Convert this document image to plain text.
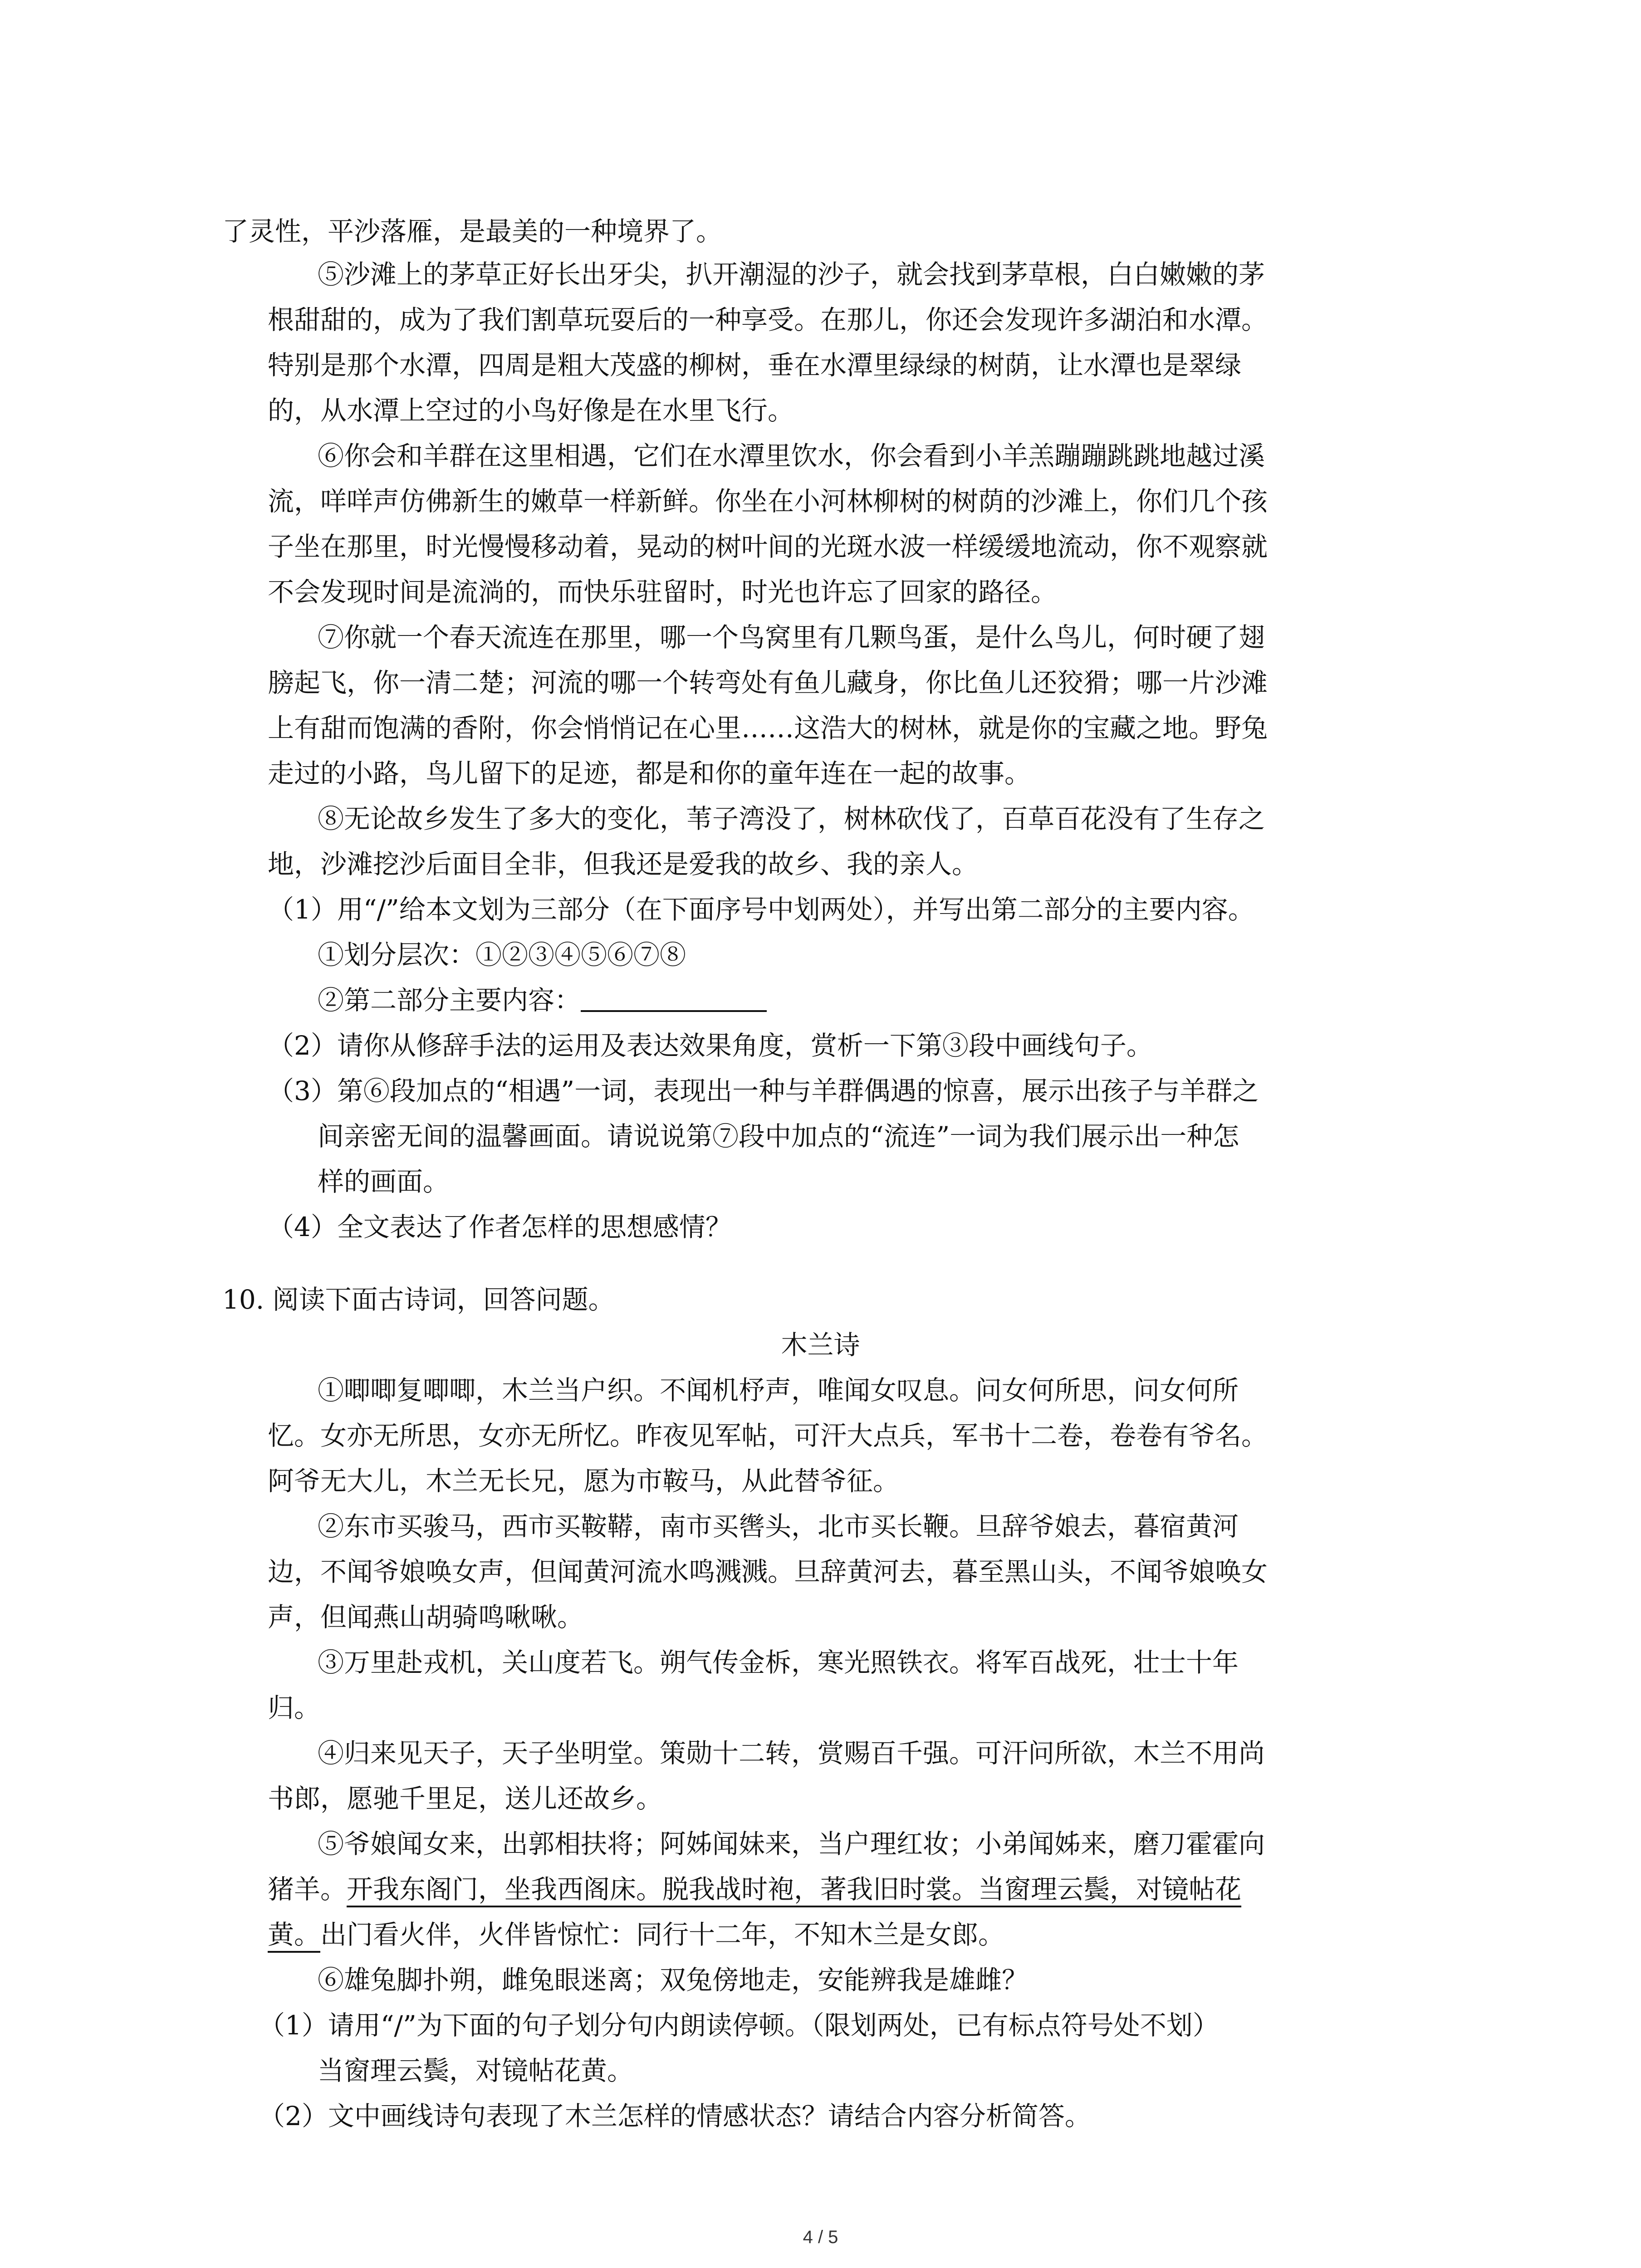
了灵性，平沙落雁，是最美的一种境界了。
⑤沙滩上的茅草正好长出牙尖，扒开潮湿的沙子，就会找到茅草根，白白嫩嫩的茅
根甜甜的，成为了我们割草玩耍后的一种享受。在那儿，你还会发现许多湖泊和水潭。
特别是那个水潭，四周是粗大茂盛的柳树，垂在水潭里绿绿的树荫，让水潭也是翠绿
的，从水潭上空过的小鸟好像是在水里飞行。
⑥你会和羊群在这里相遇，它们在水潭里饮水，你会看到小羊羔蹦蹦跳跳地越过溪
流，咩咩声仿佛新生的嫩草一样新鲜。你坐在小河林柳树的树荫的沙滩上，你们几个孩
子坐在那里，时光慢慢移动着，晃动的树叶间的光斑水波一样缓缓地流动，你不观察就
不会发现时间是流淌的，而快乐驻留时，时光也许忘了回家的路径。
⑦你就一个春天流连在那里，哪一个鸟窝里有几颗鸟蛋，是什么鸟儿，何时硬了翅
膀起飞，你一清二楚；河流的哪一个转弯处有鱼儿藏身，你比鱼儿还狡猾；哪一片沙滩
上有甜而饱满的香附，你会悄悄记在心里……这浩大的树林，就是你的宝藏之地。野兔
走过的小路，鸟儿留下的足迹，都是和你的童年连在一起的故事。
⑧无论故乡发生了多大的变化，苇子湾没了，树林砍伐了，百草百花没有了生存之
地，沙滩挖沙后面目全非，但我还是爱我的故乡、我的亲人。
（1）用“/”给本文划为三部分（在下面序号中划两处），并写出第二部分的主要内容。
①划分层次：①②③④⑤⑥⑦⑧
②第二部分主要内容：
（2）请你从修辞手法的运用及表达效果角度，赏析一下第③段中画线句子。
（3）第⑥段加点的“相遇”一词，表现出一种与羊群偶遇的惊喜，展示出孩子与羊群之
间亲密无间的温馨画面。请说说第⑦段中加点的“流连”一词为我们展示出一种怎
样的画面。
（4）全文表达了作者怎样的思想感情？
10. 阅读下面古诗词，回答问题。
木兰诗
①唧唧复唧唧，木兰当户织。不闻机杼声，唯闻女叹息。问女何所思，问女何所
忆。女亦无所思，女亦无所忆。昨夜见军帖，可汗大点兵，军书十二卷，卷卷有爷名。
阿爷无大儿，木兰无长兄，愿为市鞍马，从此替爷征。
②东市买骏马，西市买鞍鞯，南市买辔头，北市买长鞭。旦辞爷娘去，暮宿黄河
边，不闻爷娘唤女声，但闻黄河流水鸣溅溅。旦辞黄河去，暮至黑山头，不闻爷娘唤女
声，但闻燕山胡骑鸣啾啾。
③万里赴戎机，关山度若飞。朔气传金柝，寒光照铁衣。将军百战死，壮士十年
归。
④归来见天子，天子坐明堂。策勋十二转，赏赐百千强。可汗问所欲，木兰不用尚
书郎，愿驰千里足，送儿还故乡。
⑤爷娘闻女来，出郭相扶将；阿姊闻妹来，当户理红妆；小弟闻姊来，磨刀霍霍向
猪羊。开我东阁门，坐我西阁床。脱我战时袍，著我旧时裳。当窗理云鬓，对镜帖花
黄。出门看火伴，火伴皆惊忙：同行十二年，不知木兰是女郎。
⑥雄兔脚扑朔，雌兔眼迷离；双兔傍地走，安能辨我是雄雌？
（1）请用“/”为下面的句子划分句内朗读停顿。（限划两处，已有标点符号处不划）
当窗理云鬓，对镜帖花黄。
（2）文中画线诗句表现了木兰怎样的情感状态？请结合内容分析简答。
4 / 5
